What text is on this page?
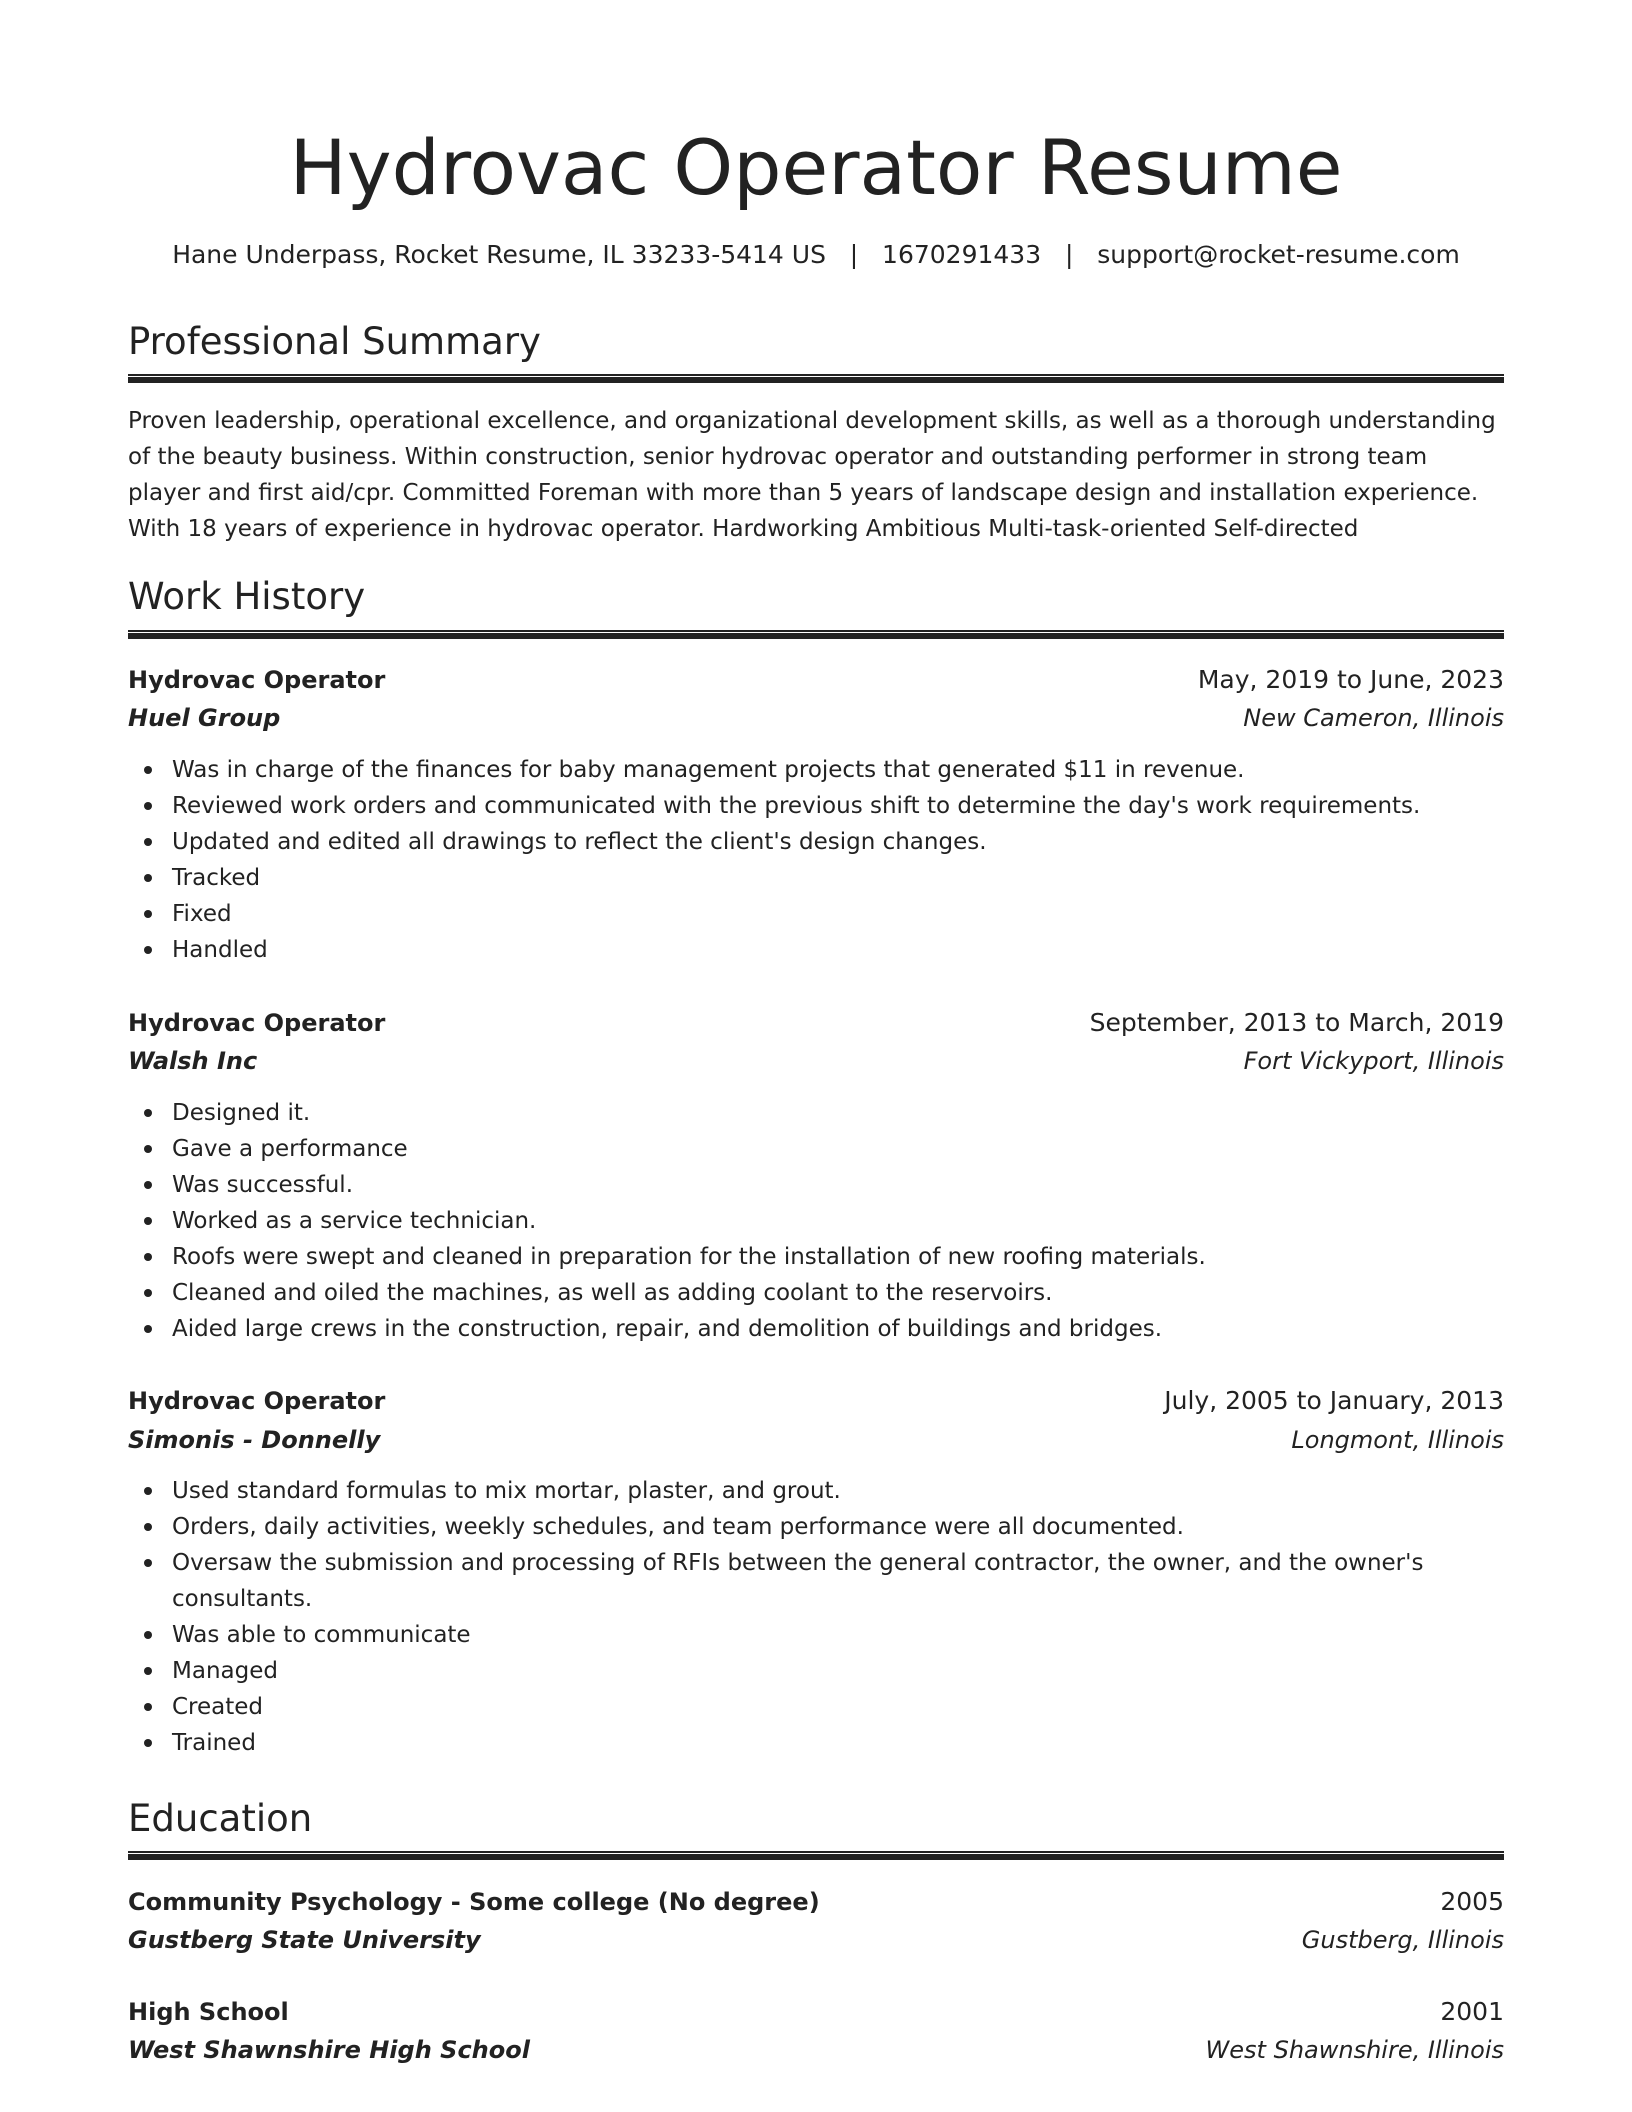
Hydrovac Operator Resume
Hane Underpass, Rocket Resume, IL 33233-5414 US   |   1670291433   |   support@rocket-resume.com
Professional Summary
Proven leadership, operational excellence, and organizational development skills, as well as a thorough understanding
of the beauty business. Within construction, senior hydrovac operator and outstanding performer in strong team
player and first aid/cpr. Committed Foreman with more than 5 years of landscape design and installation experience.
With 18 years of experience in hydrovac operator. Hardworking Ambitious Multi-task-oriented Self-directed
Work History
Hydrovac Operator	May, 2019 to June, 2023
Huel Group	New Cameron, Illinois
Was in charge of the finances for baby management projects that generated $11 in revenue.
Reviewed work orders and communicated with the previous shift to determine the day's work requirements.
Updated and edited all drawings to reflect the client's design changes.
Tracked
Fixed
Handled
Hydrovac Operator	September, 2013 to March, 2019
Walsh Inc	Fort Vickyport, Illinois
Designed it.
Gave a performance
Was successful.
Worked as a service technician.
Roofs were swept and cleaned in preparation for the installation of new roofing materials.
Cleaned and oiled the machines, as well as adding coolant to the reservoirs.
Aided large crews in the construction, repair, and demolition of buildings and bridges.
Hydrovac Operator	July, 2005 to January, 2013
Simonis - Donnelly	Longmont, Illinois
Used standard formulas to mix mortar, plaster, and grout.
Orders, daily activities, weekly schedules, and team performance were all documented.
Oversaw the submission and processing of RFIs between the general contractor, the owner, and the owner's consultants.
Was able to communicate
Managed
Created
Trained
Education
Community Psychology - Some college (No degree)	2005
Gustberg State University	Gustberg, Illinois
High School	2001
West Shawnshire High School	West Shawnshire, Illinois
